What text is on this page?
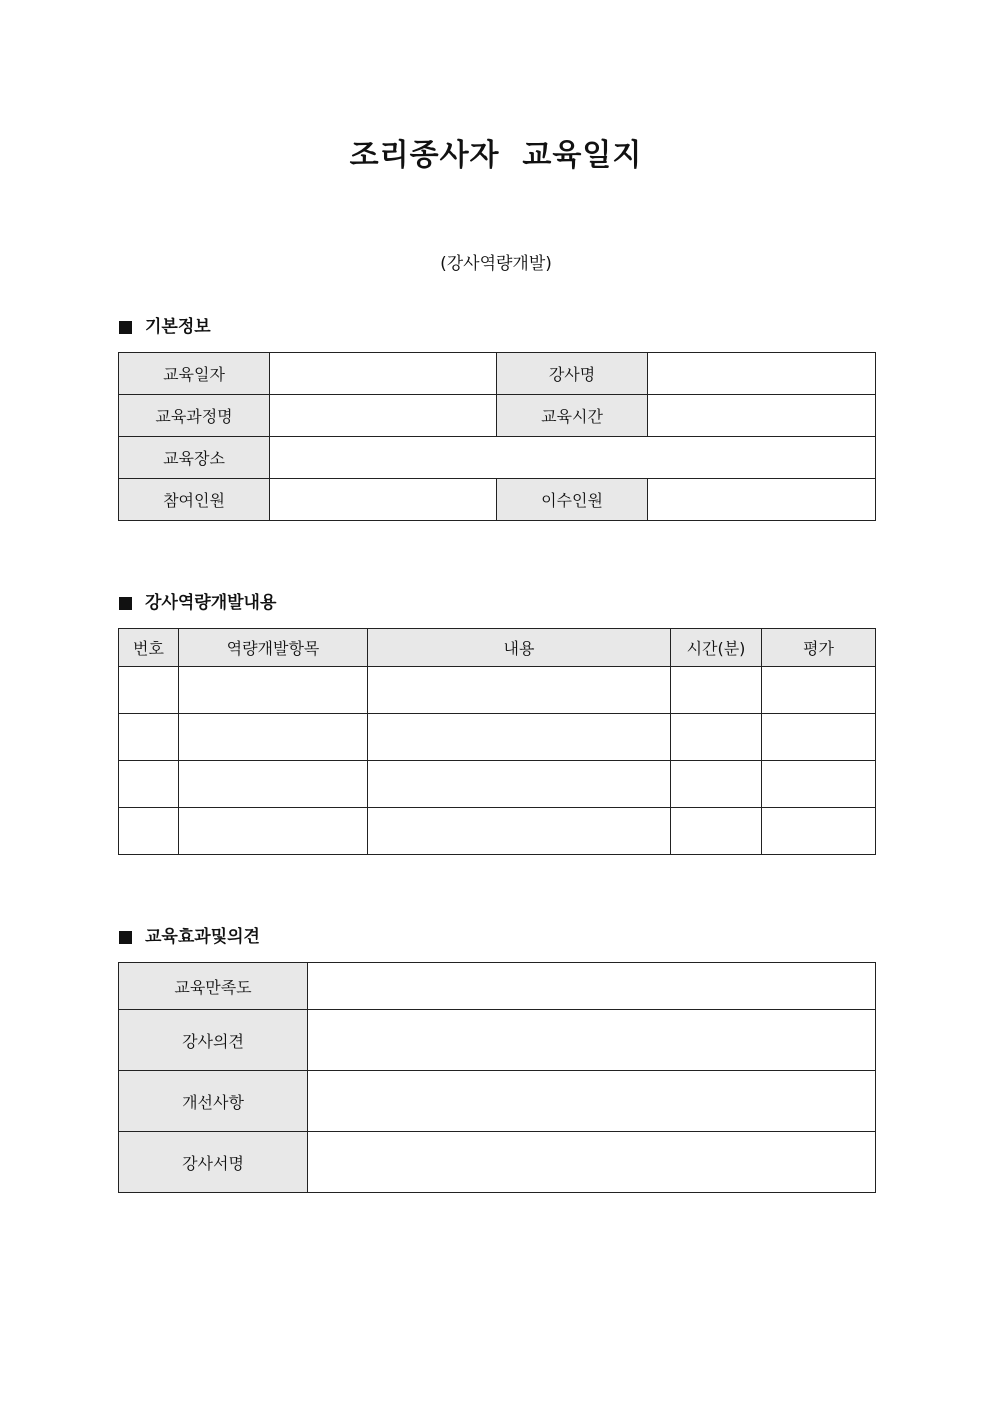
조리종사자  교육일지
(강사역량개발)
기본정보
교육일자		강사명	
교육과정명		교육시간	
교육장소			
참여인원		이수인원	
강사역량개발내용
번호	역량개발항목	내용	시간(분)	평가

교육효과및의견
교육만족도	
강사의견	
개선사항	
강사서명	
